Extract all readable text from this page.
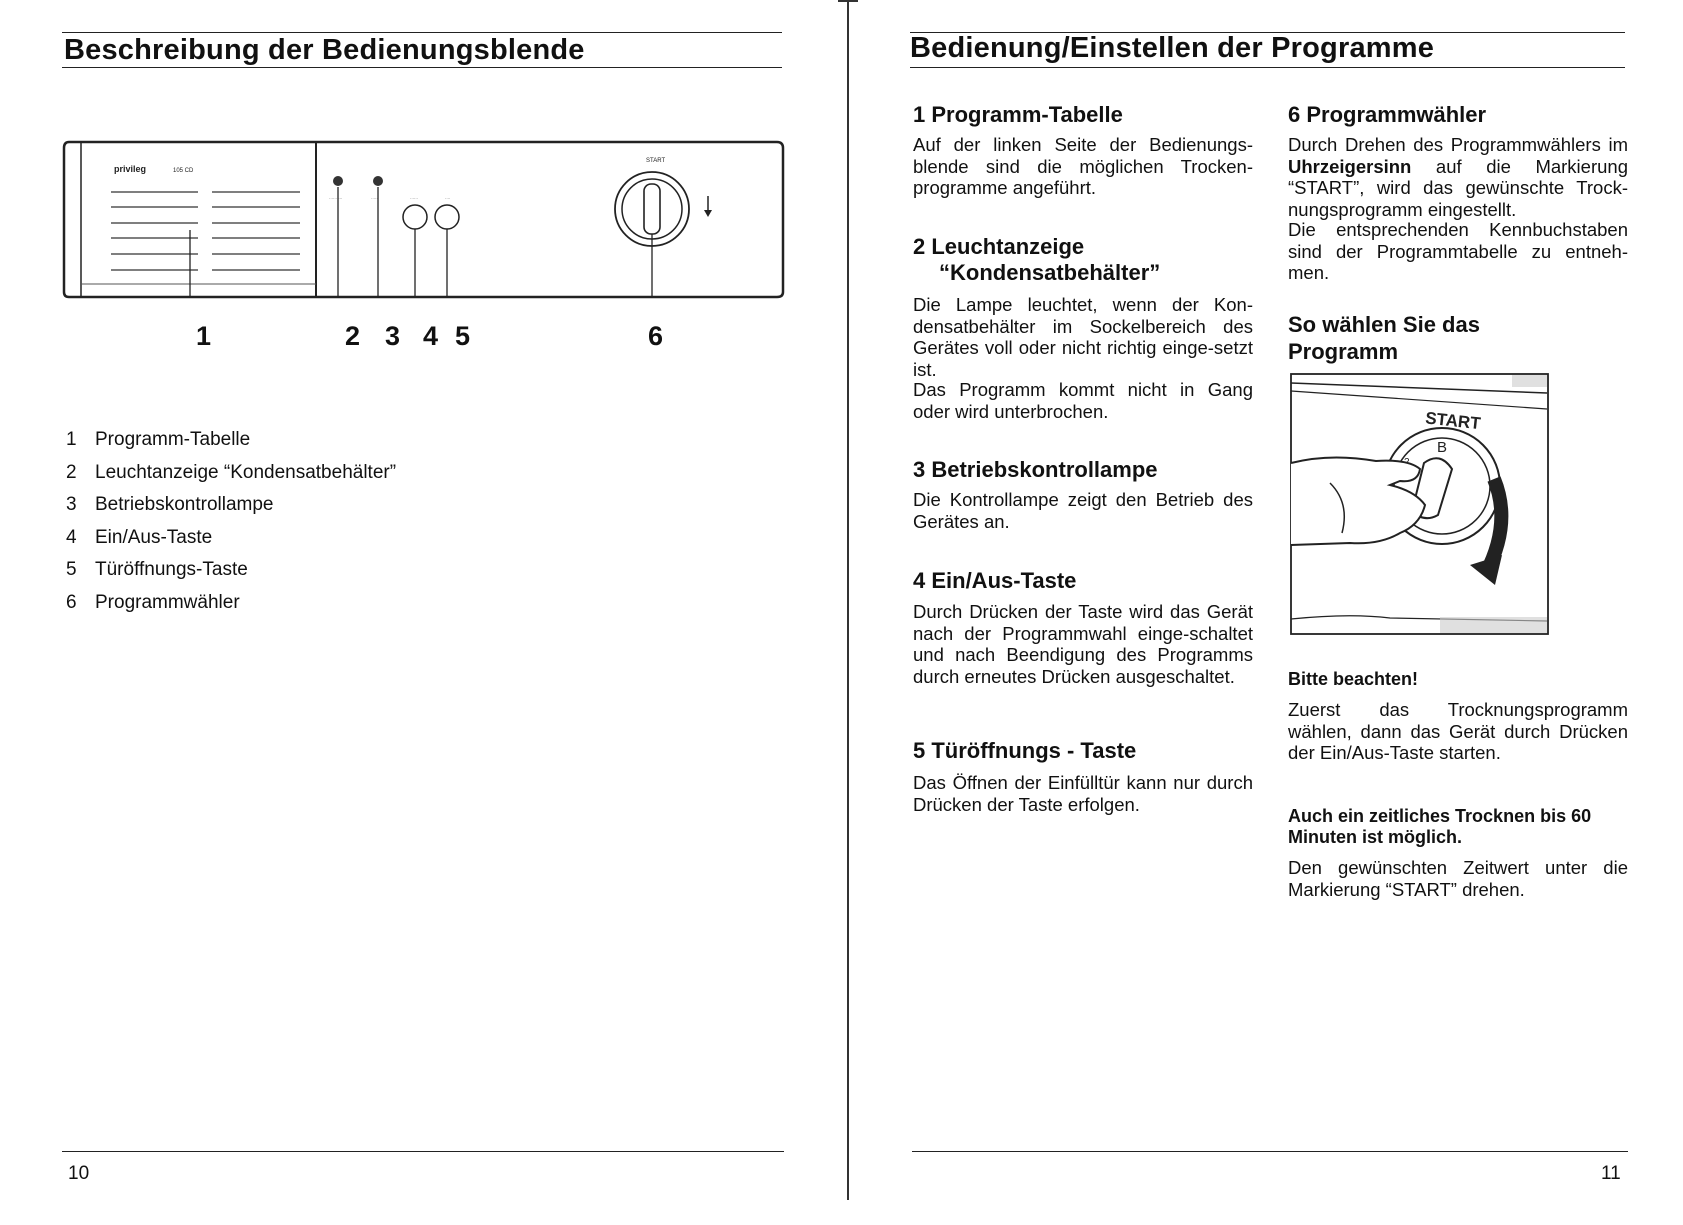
Beschreibung der Bedienungsblende
privileg	105 CD
··········	······	······	····
START
1	2 3 4 5	6
1 Programm-Tabelle
2 Leuchtanzeige “Kondensatbehälter”
3 Betriebskontrollampe
4 Ein/Aus-Taste
5 Türöffnungs-Taste
6 Programmwähler
10
Bedienung/Einstellen der Programme
1 Programm-Tabelle
Auf der linken Seite der Bedienungs-blende sind die möglichen Trocken-programme angeführt.
2 Leuchtanzeige
“Kondensatbehälter”
Die Lampe leuchtet, wenn der Kon-densatbehälter im Sockelbereich des Gerätes voll oder nicht richtig einge-setzt ist.
Das Programm kommt nicht in Gang oder wird unterbrochen.
3 Betriebskontrollampe
Die Kontrollampe zeigt den Betrieb des Gerätes an.
4 Ein/Aus-Taste
Durch Drücken der Taste wird das Gerät nach der Programmwahl einge-schaltet und nach Beendigung des Programms durch erneutes Drücken ausgeschaltet.
5 Türöffnungs - Taste
Das Öffnen der Einfülltür kann nur durch Drücken der Taste erfolgen.
6 Programmwähler
Durch Drehen des Programmwählers im Uhrzeigersinn auf die Markierung “START”, wird das gewünschte Trock-nungsprogramm eingestellt.
Die entsprechenden Kennbuchstaben sind der Programmtabelle zu entneh-men.
So wählen Sie das
Programm
START
B
Bitte beachten!
Zuerst das Trocknungsprogramm wählen, dann das Gerät durch Drücken der Ein/Aus-Taste starten.
Auch ein zeitliches Trocknen bis 60 Minuten ist möglich.
Den gewünschten Zeitwert unter die Markierung “START” drehen.
11
